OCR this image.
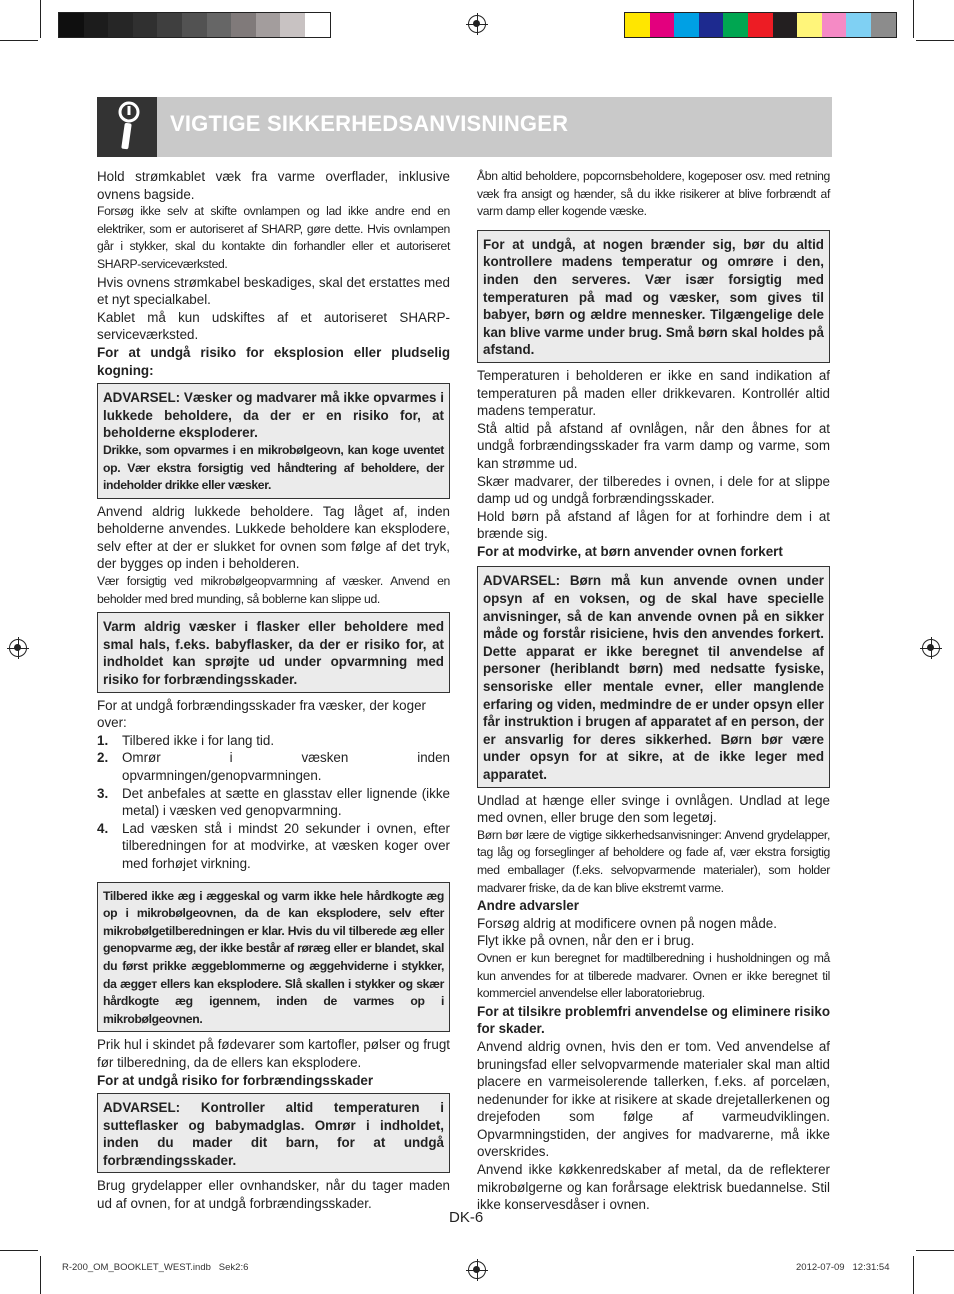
VIGTIGE SIKKERHEDSANVISNINGER

Hold strømkablet væk fra varme overflader, inklusive ovnens bagside.

Forsøg ikke selv at skifte ovnlampen og lad ikke andre end en elektriker, som er autoriseret af SHARP, gøre dette. Hvis ovnlampen går i stykker, skal du kontakte din forhandler eller et autoriseret SHARP-serviceværksted.

Hvis ovnens strømkabel beskadiges, skal det erstattes med et nyt specialkabel.

Kablet må kun udskiftes af et autoriseret SHARP-serviceværksted.

For at undgå risiko for eksplosion eller pludselig kogning:

ADVARSEL: Væsker og madvarer må ikke opvarmes i lukkede beholdere, da der er en risiko for, at beholderne eksploderer.

Drikke, som opvarmes i en mikrobølgeovn, kan koge uventet op. Vær ekstra forsigtig ved håndtering af beholdere, der indeholder drikke eller væsker.

Anvend aldrig lukkede beholdere. Tag låget af, inden beholderne anvendes. Lukkede beholdere kan eksplodere, selv efter at der er slukket for ovnen som følge af det tryk, der bygges op inden i beholderen.

Vær forsigtig ved mikrobølgeopvarmning af væsker. Anvend en beholder med bred munding, så boblerne kan slippe ud.

Varm aldrig væsker i flasker eller beholdere med smal hals, f.eks. babyflasker, da der er risiko for, at indholdet kan sprøjte ud under opvarmning med risiko for forbrændingsskader.

For at undgå forbrændingsskader fra væsker, der koger over:

1. Tilbered ikke i for lang tid.
2. Omrør i væsken inden opvarmningen/genopvarmningen.
3. Det anbefales at sætte en glasstav eller lignende (ikke metal) i væsken ved genopvarmning.
4. Lad væsken stå i mindst 20 sekunder i ovnen, efter tilberedningen for at modvirke, at væsken koger over med forhøjet virkning.

Tilbered ikke æg i æggeskal og varm ikke hele hårdkogte æg op i mikrobølgeovnen, da de kan eksplodere, selv efter mikrobølgetilberedningen er klar. Hvis du vil tilberede æg eller genopvarme æg, der ikke består af røræg eller er blandet, skal du først prikke æggeblommerne og æggehviderne i stykker, da æggeт ellers kan eksplodere. Slå skallen i stykker og skær hårdkogte æg igennem, inden de varmes op i mikrobølgeovnen.

Prik hul i skindet på fødevarer som kartofler, pølser og frugt før tilberedning, da de ellers kan eksplodere.

For at undgå risiko for forbrændingsskader

ADVARSEL: Kontroller altid temperaturen i sutteflasker og babymadglas. Omrør i indholdet, inden du mader dit barn, for at undgå forbrændingsskader.

Brug grydelapper eller ovnhandsker, når du tager maden ud af ovnen, for at undgå forbrændingsskader.

Åbn altid beholdere, popcornsbeholdere, kogeposer osv. med retning væk fra ansigt og hænder, så du ikke risikerer at blive forbrændt af varm damp eller kogende væske.

For at undgå, at nogen brænder sig, bør du altid kontrollere madens temperatur og omrøre i den, inden den serveres. Vær især forsigtig med temperaturen på mad og væsker, som gives til babyer, børn og ældre mennesker. Tilgængelige dele kan blive varme under brug. Små børn skal holdes på afstand.

Temperaturen i beholderen er ikke en sand indikation af temperaturen på maden eller drikkevaren. Kontrollér altid madens temperatur.

Stå altid på afstand af ovnlågen, når den åbnes for at undgå forbrændingsskader fra varm damp og varme, som kan strømme ud.

Skær madvarer, der tilberedes i ovnen, i dele for at slippe damp ud og undgå forbrændingsskader.

Hold børn på afstand af lågen for at forhindre dem i at brænde sig.

For at modvirke, at børn anvender ovnen forkert

ADVARSEL: Børn må kun anvende ovnen under opsyn af en voksen, og de skal have specielle anvisninger, så de kan anvende ovnen på en sikker måde og forstår risiciene, hvis den anvendes forkert. Dette apparat er ikke beregnet til anvendelse af personer (heriblandt børn) med nedsatte fysiske, sensoriske eller mentale evner, eller manglende erfaring og viden, medmindre de er under opsyn eller får instruktion i brugen af apparatet af en person, der er ansvarlig for deres sikkerhed. Børn bør være under opsyn for at sikre, at de ikke leger med apparatet.

Undlad at hænge eller svinge i ovnlågen. Undlad at lege med ovnen, eller bruge den som legetøj.

Børn bør lære de vigtige sikkerhedsanvisninger: Anvend grydelapper, tag låg og forseglinger af beholdere og fade af, vær ekstra forsigtig med emballager (f.eks. selvopvarmende materialer), som holder madvarer friske, da de kan blive ekstremt varme.

Andre advarsler

Forsøg aldrig at modificere ovnen på nogen måde.

Flyt ikke på ovnen, når den er i brug.

Ovnen er kun beregnet for madtilberedning i husholdningen og må kun anvendes for at tilberede madvarer. Ovnen er ikke beregnet til kommerciel anvendelse eller laboratoriebrug.

For at tilsikre problemfri anvendelse og eliminere risiko for skader.

Anvend aldrig ovnen, hvis den er tom. Ved anvendelse af bruningsfad eller selvopvarmende materialer skal man altid placere en varmeisolerende tallerken, f.eks. af porcelæn, nedenunder for ikke at risikere at skade drejetallerkenen og drejefoden som følge af varmeudviklingen. Opvarmningstiden, der angives for madvarerne, må ikke overskrides.

Anvend ikke køkkenredskaber af metal, da de reflekterer mikrobølgerne og kan forårsage elektrisk buedannelse. Stil ikke konservesdåser i ovnen.

DK-6
R-200_OM_BOOKLET_WEST.indb   Sek2:6	2012-07-09   12:31:54
